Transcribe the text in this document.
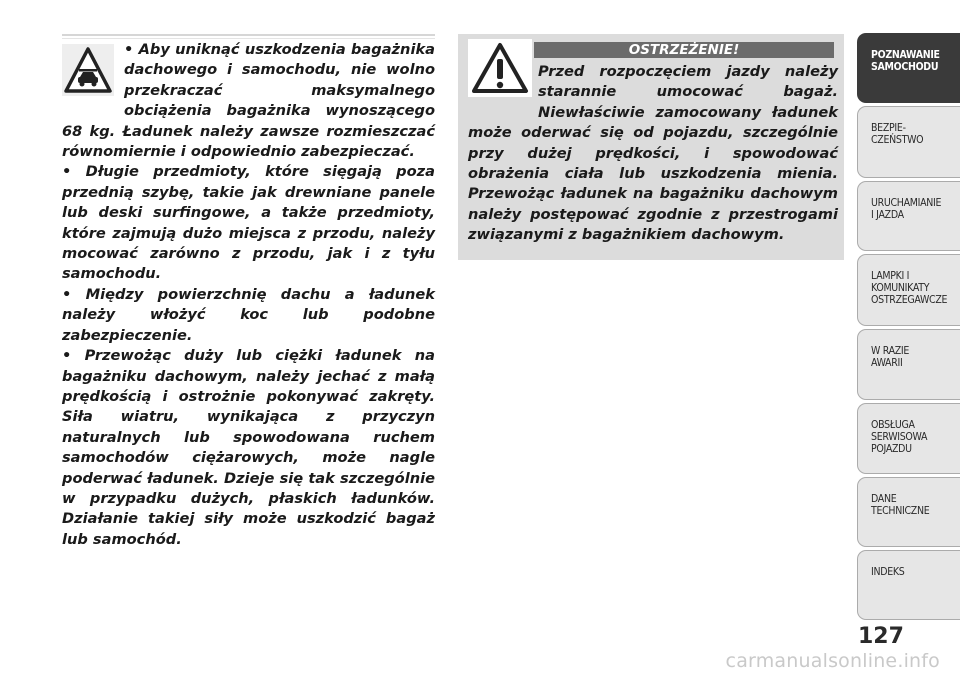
• Aby uniknąć uszkodzenia bagażnika dachowego i samochodu, nie wolno przekraczać maksymalnego obciążenia bagażnika wynoszącego 68 kg. Ładunek należy zawsze rozmieszczać równomiernie i odpowiednio zabezpieczać.

• Długie przedmioty, które sięgają poza przednią szybę, takie jak drewniane panele lub deski surfingowe, a także przedmioty, które zajmują dużo miejsca z przodu, należy mocować zarówno z przodu, jak i z tyłu samochodu.

• Między powierzchnię dachu a ładunek należy włożyć koc lub podobne zabezpieczenie.

• Przewożąc duży lub ciężki ładunek na bagażniku dachowym, należy jechać z małą prędkością i ostrożnie pokonywać zakręty. Siła wiatru, wynikająca z przyczyn naturalnych lub spowodowana ruchem samochodów ciężarowych, może nagle poderwać ładunek. Dzieje się tak szczególnie w przypadku dużych, płaskich ładunków. Działanie takiej siły może uszkodzić bagaż lub samochód.

OSTRZEŻENIE!

Przed rozpoczęciem jazdy należy starannie umocować bagaż. Niewłaściwie zamocowany ładunek może oderwać się od pojazdu, szczególnie przy dużej prędkości, i spowodować obrażenia ciała lub uszkodzenia mienia. Przewożąc ładunek na bagażniku dachowym należy postępować zgodnie z przestrogami związanymi z bagażnikiem dachowym.

POZNAWANIE
SAMOCHODU
BEZPIE-
CZEŃSTWO
URUCHAMIANIE
I JAZDA
LAMPKI I
KOMUNIKATY
OSTRZEGAWCZE
W RAZIE
AWARII
OBSŁUGA
SERWISOWA
POJAZDU
DANE
TECHNICZNE
INDEKS
127
carmanualsonline.info
